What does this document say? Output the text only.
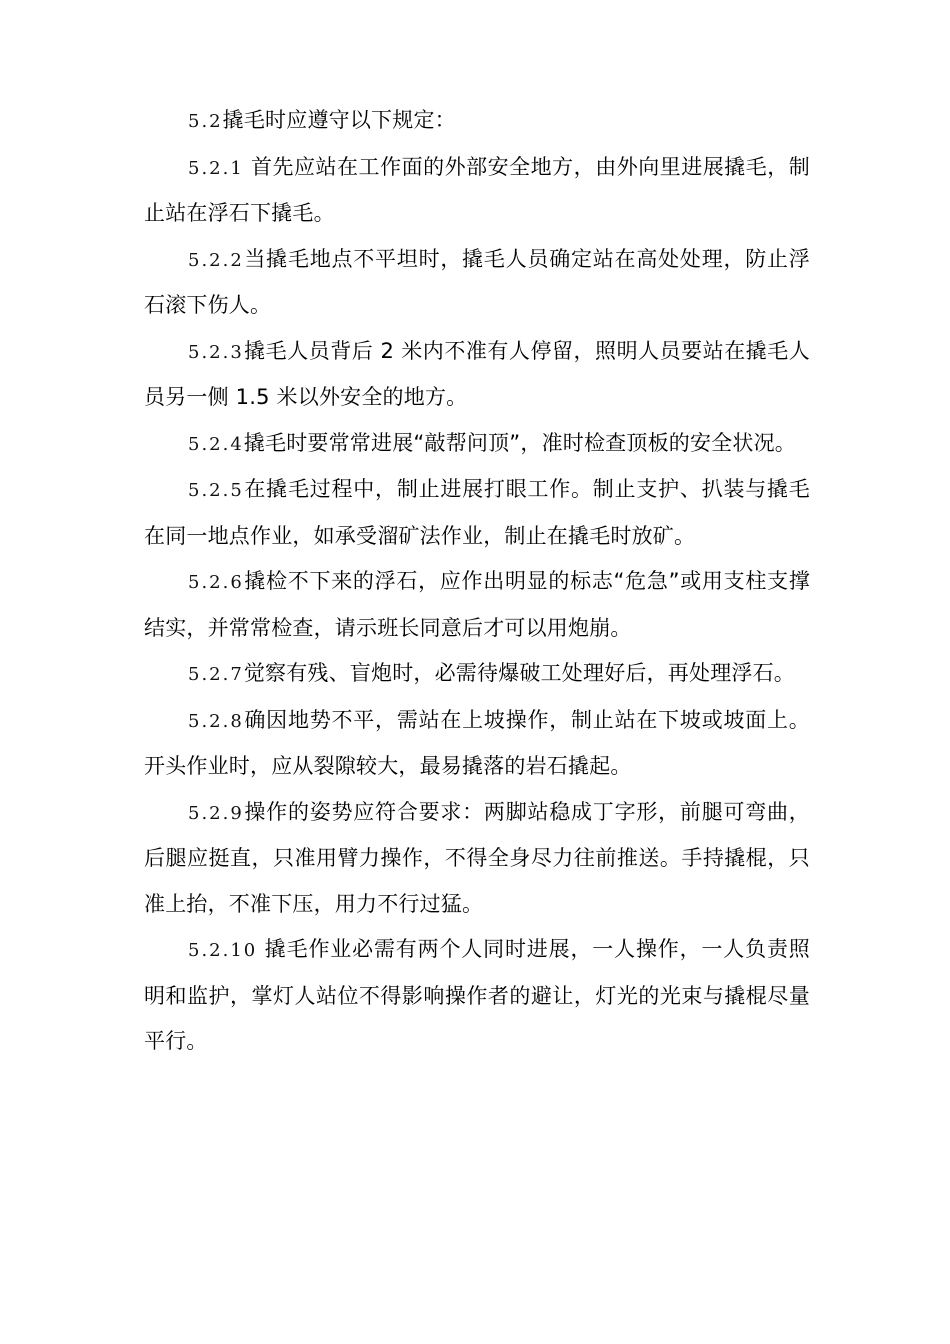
5.2撬毛时应遵守以下规定：

5.2.1 首先应站在工作面的外部安全地方，由外向里进展撬毛，制止站在浮石下撬毛。

5.2.2当撬毛地点不平坦时，撬毛人员确定站在高处处理，防止浮石滚下伤人。

5.2.3撬毛人员背后 2 米内不准有人停留，照明人员要站在撬毛人员另一侧 1.5 米以外安全的地方。

5.2.4撬毛时要常常进展“敲帮问顶”，准时检查顶板的安全状况。

5.2.5在撬毛过程中，制止进展打眼工作。制止支护、扒装与撬毛在同一地点作业，如承受溜矿法作业，制止在撬毛时放矿。

5.2.6撬检不下来的浮石，应作出明显的标志“危急”或用支柱支撑结实，并常常检查，请示班长同意后才可以用炮崩。

5.2.7觉察有残、盲炮时，必需待爆破工处理好后，再处理浮石。

5.2.8确因地势不平，需站在上坡操作，制止站在下坡或坡面上。开头作业时，应从裂隙较大，最易撬落的岩石撬起。

5.2.9操作的姿势应符合要求：两脚站稳成丁字形，前腿可弯曲，后腿应挺直，只准用臂力操作，不得全身尽力往前推送。手持撬棍，只准上抬，不准下压，用力不行过猛。

5.2.10 撬毛作业必需有两个人同时进展，一人操作，一人负责照明和监护，掌灯人站位不得影响操作者的避让，灯光的光束与撬棍尽量平行。
